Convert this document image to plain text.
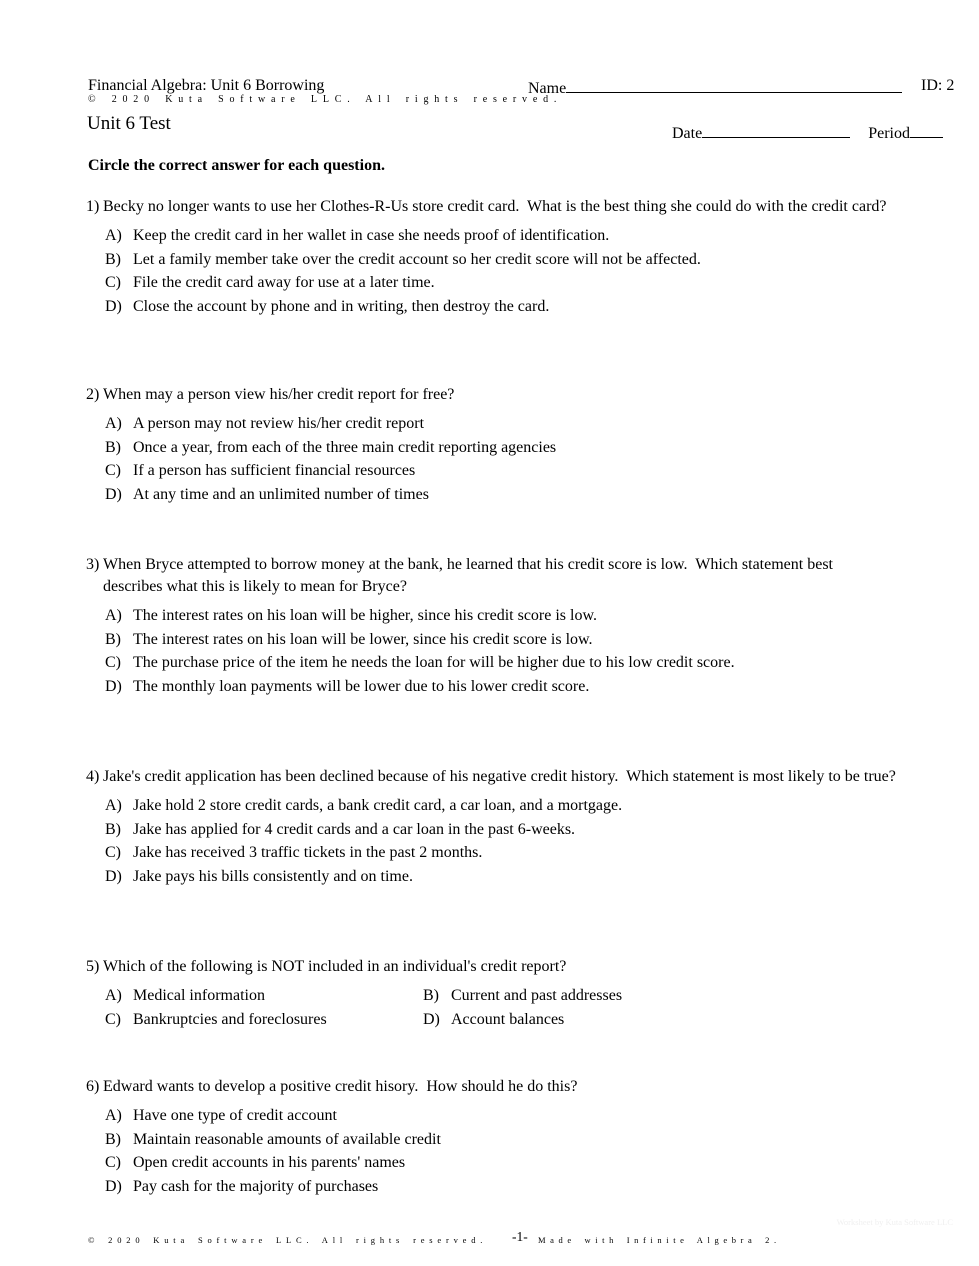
Financial Algebra: Unit 6 Borrowing	Name	ID: 2
© 2020 Kuta Software LLC. All rights reserved.
Unit 6 Test	Date	Period
Circle the correct answer for each question.
1) Becky no longer wants to use her Clothes-R-Us store credit card.  What is the best thing she could do with the credit card?
A) Keep the credit card in her wallet in case she needs proof of identification.
B) Let a family member take over the credit account so her credit score will not be affected.
C) File the credit card away for use at a later time.
D) Close the account by phone and in writing, then destroy the card.
2) When may a person view his/her credit report for free?
A) A person may not review his/her credit report
B) Once a year, from each of the three main credit reporting agencies
C) If a person has sufficient financial resources
D) At any time and an unlimited number of times
3) When Bryce attempted to borrow money at the bank, he learned that his credit score is low.  Which statement best describes what this is likely to mean for Bryce?
A) The interest rates on his loan will be higher, since his credit score is low.
B) The interest rates on his loan will be lower, since his credit score is low.
C) The purchase price of the item he needs the loan for will be higher due to his low credit score.
D) The monthly loan payments will be lower due to his lower credit score.
4) Jake's credit application has been declined because of his negative credit history.  Which statement is most likely to be true?
A) Jake hold 2 store credit cards, a bank credit card, a car loan, and a mortgage.
B) Jake has applied for 4 credit cards and a car loan in the past 6-weeks.
C) Jake has received 3 traffic tickets in the past 2 months.
D) Jake pays his bills consistently and on time.
5) Which of the following is NOT included in an individual's credit report?
A) Medical information	B) Current and past addresses
C) Bankruptcies and foreclosures	D) Account balances
6) Edward wants to develop a positive credit hisory.  How should he do this?
A) Have one type of credit account
B) Maintain reasonable amounts of available credit
C) Open credit accounts in his parents' names
D) Pay cash for the majority of purchases
Worksheet by Kuta Software LLC
© 2020 Kuta Software LLC. All rights reserved. -1- Made with Infinite Algebra 2.
